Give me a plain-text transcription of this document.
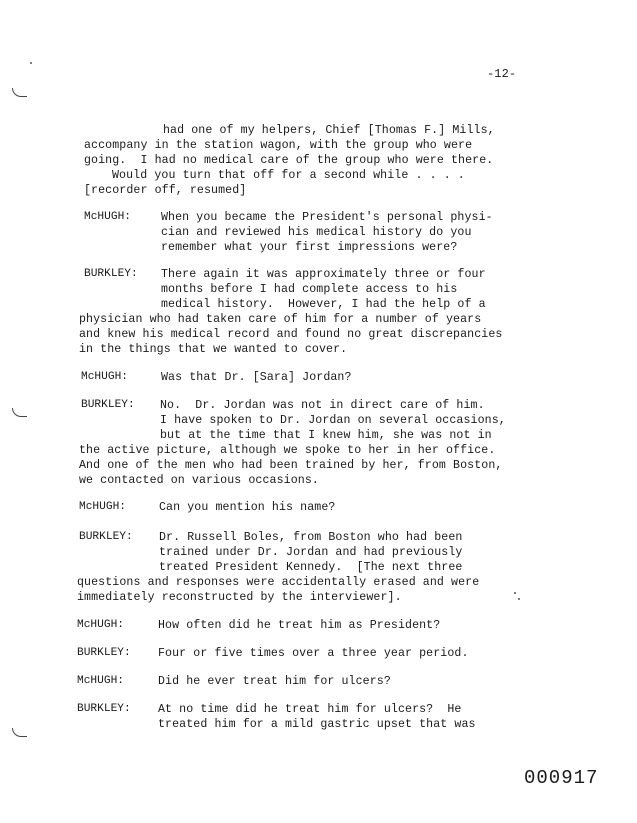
-12-
had one of my helpers, Chief [Thomas F.] Mills,
accompany in the station wagon, with the group who were
going.  I had no medical care of the group who were there.
Would you turn that off for a second while . . . .
[recorder off, resumed]
McHUGH:	When you became the President's personal physi-
cian and reviewed his medical history do you
remember what your first impressions were?
BURKLEY: There again it was approximately three or four
months before I had complete access to his
medical history.  However, I had the help of a
physician who had taken care of him for a number of years
and knew his medical record and found no great discrepancies
in the things that we wanted to cover.
McHUGH:	Was that Dr. [Sara] Jordan?
BURKLEY: No.  Dr. Jordan was not in direct care of him.
I have spoken to Dr. Jordan on several occasions,
but at the time that I knew him, she was not in
the active picture, although we spoke to her in her office.
And one of the men who had been trained by her, from Boston,
we contacted on various occasions.
McHUGH:	Can you mention his name?
BURKLEY: Dr. Russell Boles, from Boston who had been
trained under Dr. Jordan and had previously
treated President Kennedy.  [The next three
questions and responses were accidentally erased and were
immediately reconstructed by the interviewer].
McHUGH:	How often did he treat him as President?
BURKLEY: Four or five times over a three year period.
McHUGH:	Did he ever treat him for ulcers?
BURKLEY: At no time did he treat him for ulcers?  He
treated him for a mild gastric upset that was
000917
